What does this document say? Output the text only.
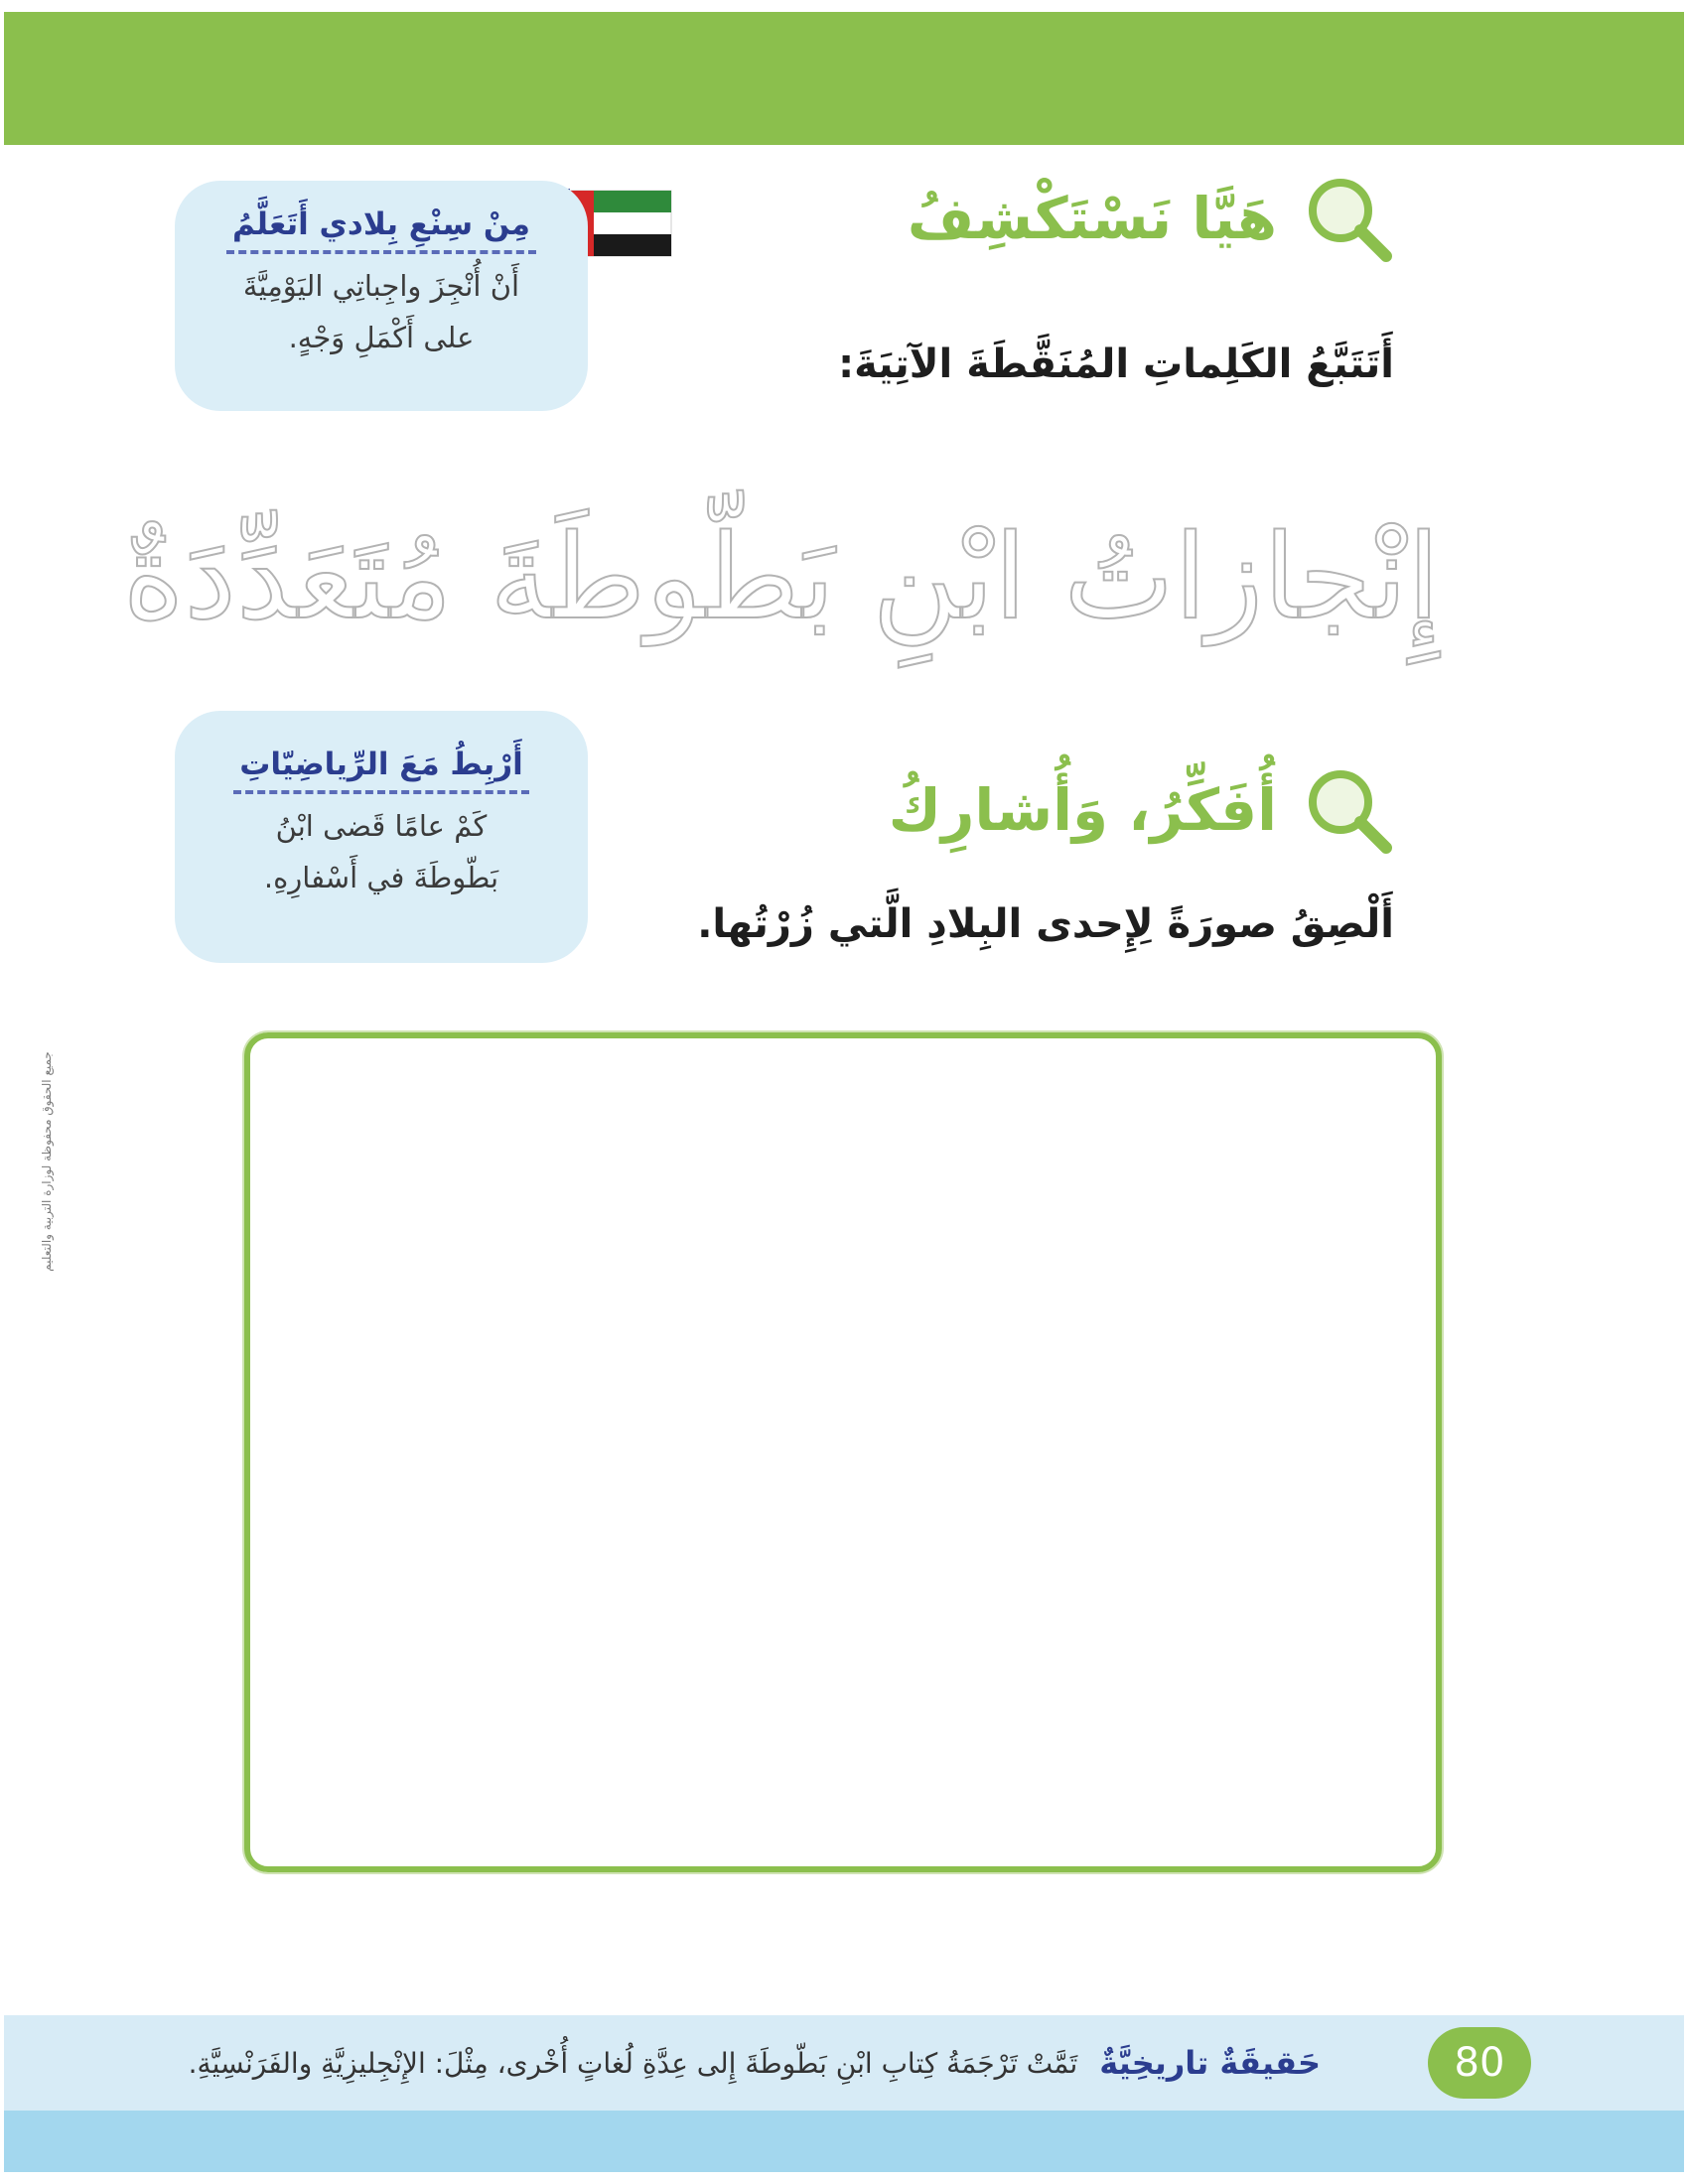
هَيَّا نَسْتَكْشِفُ
أَتَتَبَّعُ الكَلِماتِ المُنَقَّطَةَ الآتِيَةَ:
مِنْ سِنْعِ بِلادي أَتَعَلَّمُ
أَنْ أُنْجِزَ واجِباتِي اليَوْمِيَّةَ
على أَكْمَلِ وَجْهٍ.
إِنْجازاتُ ابْنِ بَطّوطَةَ مُتَعَدِّدَةٌ
أُفَكِّرُ، وَأُشارِكُ
أَلْصِقُ صورَةً لِإِحدى البِلادِ الَّتي زُرْتُها.
أَرْبِطُ مَعَ الرِّياضِيّاتِ
كَمْ عامًا قَضى ابْنُ
بَطّوطَةَ في أَسْفارِهِ.
جميع الحقوق محفوظة لوزارة التربية والتعليم
80
حَقيقَةٌ تاريخِيَّةٌ
تَمَّتْ تَرْجَمَةُ كِتابِ ابْنِ بَطّوطَةَ إِلى عِدَّةِ لُغاتٍ أُخْرى، مِثْلَ: الإِنْجِليزِيَّةِ والفَرَنْسِيَّةِ.
